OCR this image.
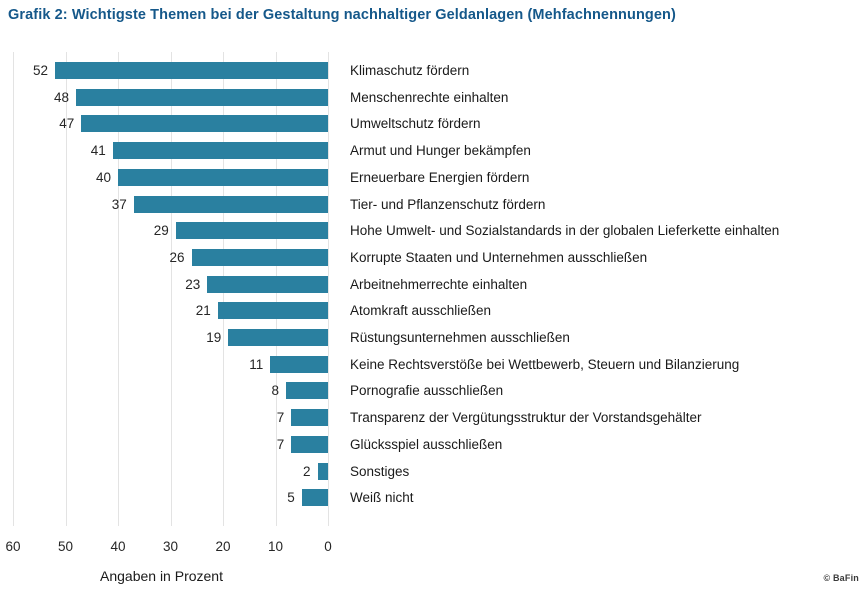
Grafik 2: Wichtigste Themen bei der Gestaltung nachhaltiger Geldanlagen (Mehfachnennungen)
52	Klimaschutz fördern
48	Menschenrechte einhalten
47	Umweltschutz fördern
41	Armut und Hunger bekämpfen
40	Erneuerbare Energien fördern
37	Tier- und Pflanzenschutz fördern
29	Hohe Umwelt- und Sozialstandards in der globalen Lieferkette einhalten
26	Korrupte Staaten und Unternehmen ausschließen
23	Arbeitnehmerrechte einhalten
21	Atomkraft ausschließen
19	Rüstungsunternehmen ausschließen
11	Keine Rechtsverstöße bei Wettbewerb, Steuern und Bilanzierung
8	Pornografie ausschließen
7	Transparenz der Vergütungsstruktur der Vorstandsgehälter
7	Glücksspiel ausschließen
2	Sonstiges
5	Weiß nicht
60	50	40	30	20	10	0
Angaben in Prozent	© BaFin
